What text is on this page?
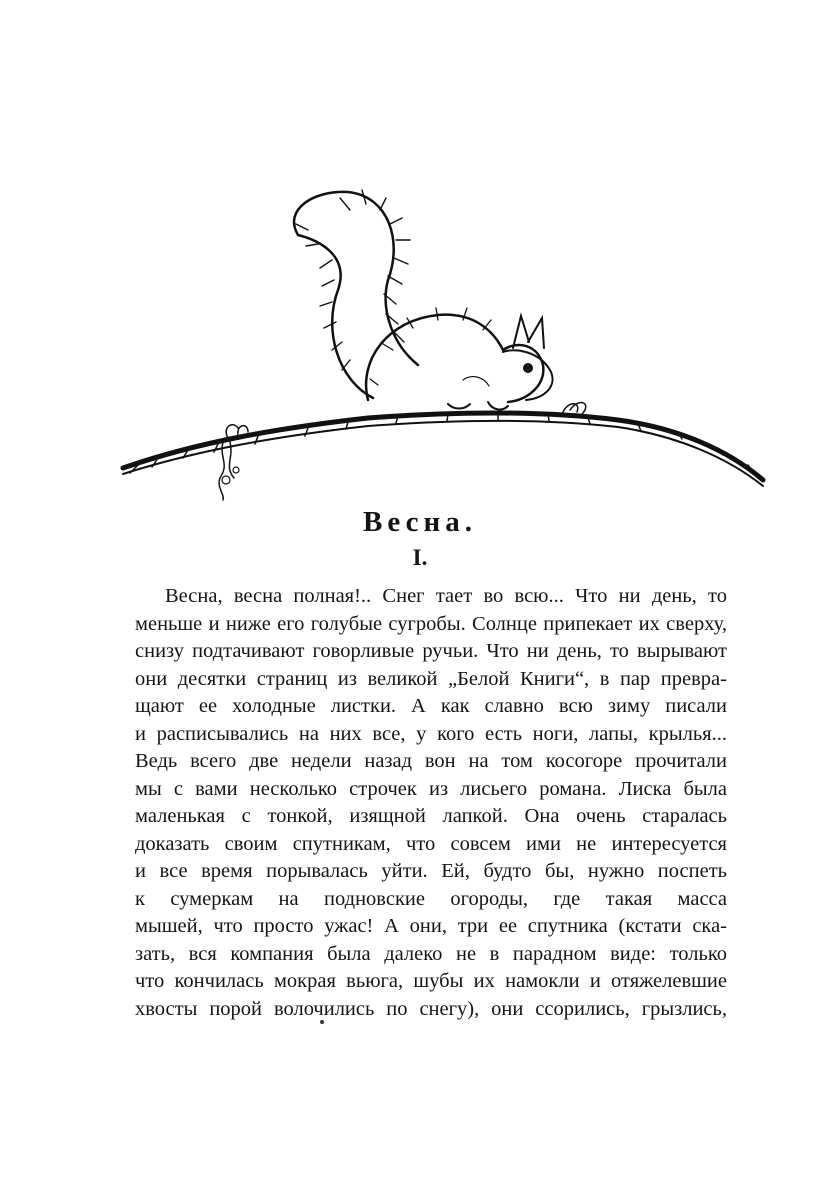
Весна.
I.
Весна, весна полная!.. Снег тает во всю... Что ни день, то
меньше и ниже его голубые сугробы. Солнце припекает их сверху,
снизу подтачивают говорливые ручьи. Что ни день, то вырывают
они десятки страниц из великой „Белой Книги“, в пар превра-
щают ее холодные листки. А как славно всю зиму писали
и расписывались на них все, у кого есть ноги, лапы, крылья...
Ведь всего две недели назад вон на том косогоре прочитали
мы с вами несколько строчек из лисьего романа. Лиска была
маленькая с тонкой, изящной лапкой. Она очень старалась
доказать своим спутникам, что совсем ими не интересуется
и все время порывалась уйти. Ей, будто бы, нужно поспеть
к сумеркам на подновские огороды, где такая масса
мышей, что просто ужас! А они, три ее спутника (кстати ска-
зать, вся компания была далеко не в парадном виде: только
что кончилась мокрая вьюга, шубы их намокли и отяжелевшие
хвосты порой волочились по снегу), они ссорились, грызлись,
